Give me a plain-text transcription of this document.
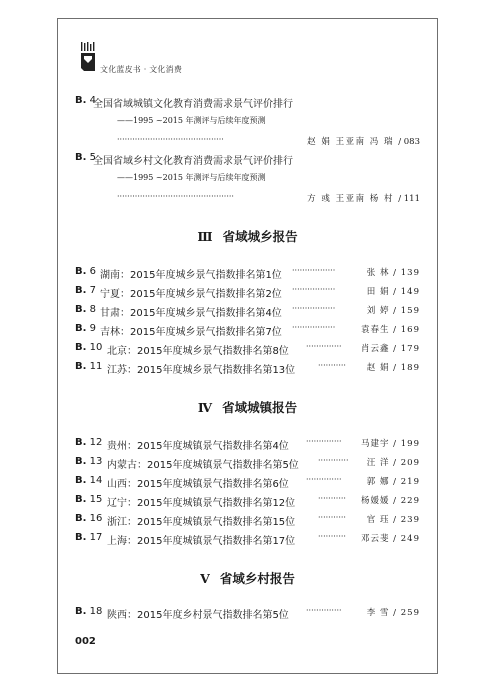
文化蓝皮书 · 文化消费
B. 4
全国省域城镇文化教育消费需求景气评价排行
——1995 ~2015 年测评与后续年度预测
··········································	赵 娟 王亚南 冯 瑞 / 083
B. 5
全国省域乡村文化教育消费需求景气评价排行
——1995 ~2015 年测评与后续年度预测
··············································	方 彧 王亚南 杨 村 / 111
Ⅲ 省域城乡报告
B. 6 湖南：2015年度城乡景气指数排名第1位 ·················	张 林 / 139
B. 7 宁夏：2015年度城乡景气指数排名第2位 ·················	田 娟 / 149
B. 8 甘肃：2015年度城乡景气指数排名第4位 ·················	刘 婷 / 159
B. 9 吉林：2015年度城乡景气指数排名第7位 ·················	袁春生 / 169
B. 10 北京：2015年度城乡景气指数排名第8位 ·············· 肖云鑫 / 179
B. 11 江苏：2015年度城乡景气指数排名第13位	··········· 赵 娟 / 189
Ⅳ 省域城镇报告
B. 12 贵州：2015年度城镇景气指数排名第4位 ·············· 马建宇 / 199
B. 13 内蒙古：2015年度城镇景气指数排名第5位 ············ 汪 洋 / 209
B. 14 山西：2015年度城镇景气指数排名第6位 ··············	郭 娜 / 219
B. 15 辽宁：2015年度城镇景气指数排名第12位	··········· 杨媛媛 / 229
B. 16 浙江：2015年度城镇景气指数排名第15位	··········· 官 珏 / 239
B. 17 上海：2015年度城镇景气指数排名第17位	··········· 邓云斐 / 249
Ⅴ 省域乡村报告
B. 18 陕西：2015年度乡村景气指数排名第5位 ··············	李 雪 / 259
002
